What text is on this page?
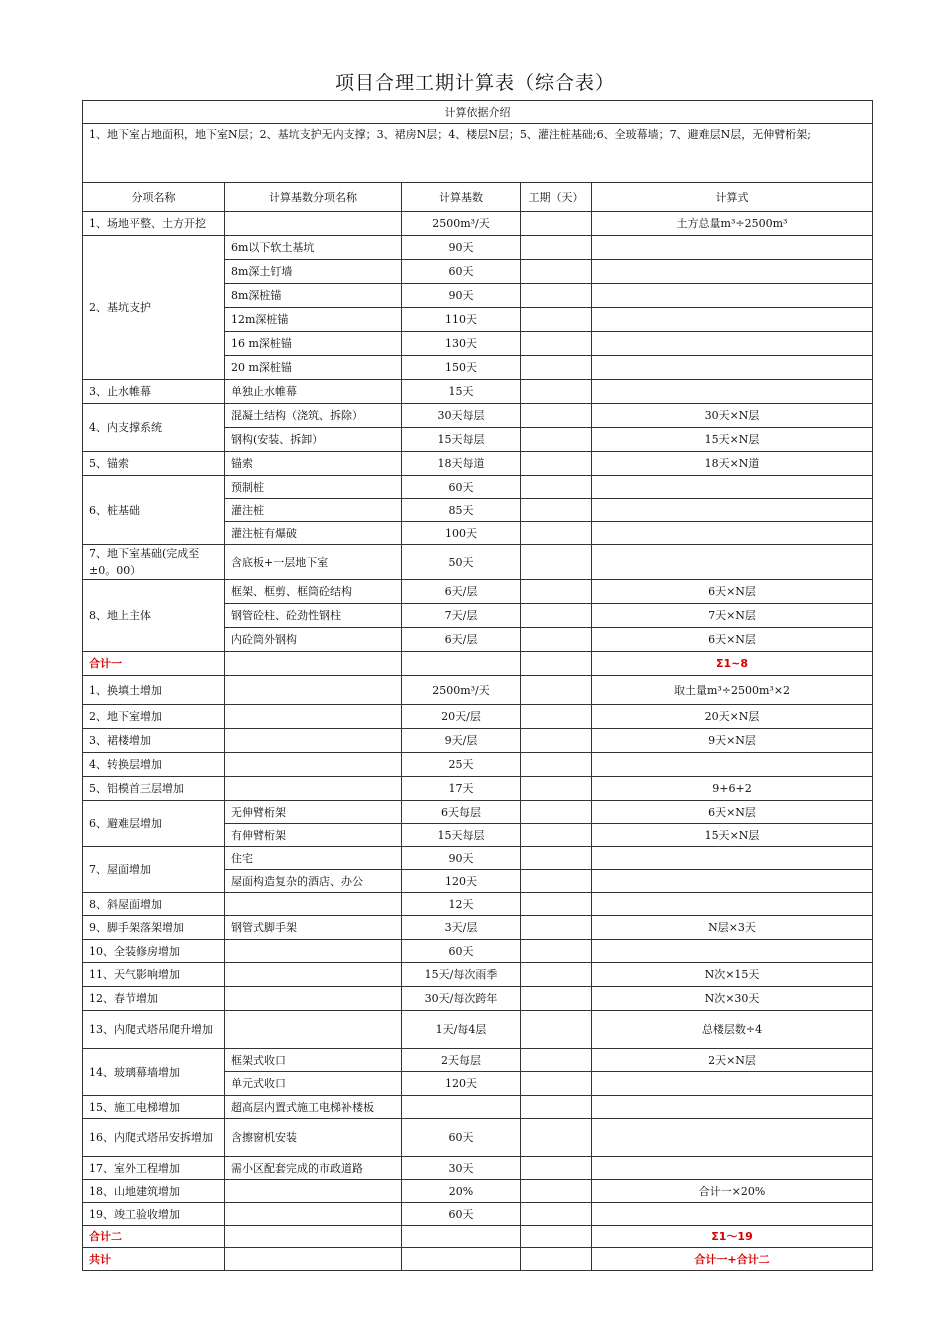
项目合理工期计算表（综合表）
计算依据介绍				
1、地下室占地面积，地下室N层；2、基坑支护无内支撑；3、裙房N层；4、楼层N层；5、灌注桩基础;6、全玻幕墙；7、避难层N层，无伸臂桁架;				
分项名称	计算基数分项名称	计算基数	工期（天）	计算式
1、场地平整、土方开挖		2500m³/天		土方总量m³÷2500m³
2、基坑支护	6m以下软土基坑	90天		
	8m深土钉墙	60天		
	8m深桩锚	90天		
	12m深桩锚	110天		
	16 m深桩锚	130天		
	20 m深桩锚	150天		
3、止水帷幕	单独止水帷幕	15天		
4、内支撑系统	混凝土结构（浇筑、拆除）	30天每层		30天×N层
	钢构(安装、拆卸）	15天每层		15天×N层
5、锚索	锚索	18天每道		18天×N道
6、桩基础	预制桩	60天		
	灌注桩	85天		
	灌注桩有爆破	100天		
7、地下室基础(完成至±0。00）	含底板+一层地下室	50天		
8、地上主体	框架、框剪、框筒砼结构	6天/层		6天×N层
	钢管砼柱、砼劲性钢柱	7天/层		7天×N层
	内砼筒外钢构	6天/层		6天×N层
合计一				Σ1~8
1、换填土增加		2500m³/天		取土量m³÷2500m³×2
2、地下室增加		20天/层		20天×N层
3、裙楼增加		9天/层		9天×N层
4、转换层增加		25天		
5、铝模首三层增加		17天		9+6+2
6、避难层增加	无伸臂桁架	6天每层		6天×N层
	有伸臂桁架	15天每层		15天×N层
7、屋面增加	住宅	90天		
	屋面构造复杂的酒店、办公	120天		
8、斜屋面增加		12天		
9、脚手架落架增加	钢管式脚手架	3天/层		N层×3天
10、全装修房增加		60天		
11、天气影响增加		15天/每次雨季		N次×15天
12、春节增加		30天/每次跨年		N次×30天
13、内爬式塔吊爬升增加		1天/每4层		总楼层数÷4
14、玻璃幕墙增加	框架式收口	2天每层		2天×N层
	单元式收口	120天		
15、施工电梯增加	超高层内置式施工电梯补楼板			
16、内爬式塔吊安拆增加	含擦窗机安装	60天		
17、室外工程增加	需小区配套完成的市政道路	30天		
18、山地建筑增加		20%		合计一×20%
19、竣工验收增加		60天		
合计二				Σ1～19
共计				合计一+合计二
